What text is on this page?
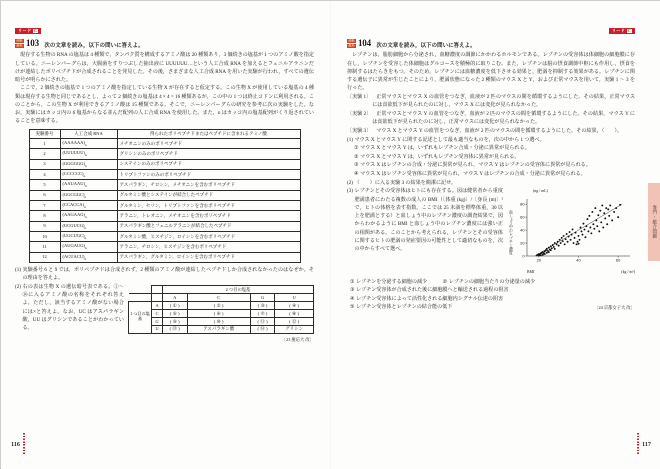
リード C
共通
思考 103	次の文章を読み，以下の問いに答えよ。

現存する生物の RNA の塩基は 4 種類で，タンパク質を構成するアミノ酸は 20 種類あり，3 個続きの塩基が 1 つのアミノ酸を指定している。ニーレンバーグらは，大腸菌をすりつぶした抽出液に UUUUUU…という人工合成 RNA を加えるとフェニルアラニンだけが連結したポリペプチドが合成されることを発見した。その後，さまざまな人工合成 RNA を用いた実験が行われ，すべての遺伝暗号が明らかにされた。

ここで，2 個続きの塩基で 1 つのアミノ酸を指定している生物 X が存在すると仮定する。この生物 X が使用している塩基の 4 種類は現存する生物と同じであるとし，よって 2 個続きの塩基は 4 × 4 = 16 種類あるが，この中の 1 つは終止コドンに利用される。このことから，この生物 X が利用できるアミノ酸は 15 種類である。そこで，ニーレンバーグらの研究を参考に次の実験をした。なお，実験にはカッコ内の 6 塩基からなる並んだ配列の人工合成 RNA を使用した。また，n はカッコ内の塩基配列がくり返されていることを意味する。

実験番号	人工合成 RNA	得られたポリペプチドまたはペプチドに含まれるアミノ酸
1	$(AAAAAA)_n$	メチオニンのみのポリペプチド
2	$(UUUUUU)_n$	グリシンのみのポリペプチド
3	$(GGGGGG)_n$	システインのみのポリペプチド
4	$(CCCCCC)_n$	トリプトファンのみのポリペプチド
5	$(AAUAAU)_n$	アスパラギン，チロシン，メチオニンを含むポリペプチド
6	$(GGCGGC)_n$	グルタミン酸とシステインが結合したペプチド
7	$(CCACCA)_n$	グルタミン，セリン，トリプトファンを含むポリペプチド
8	$(AAGAAG)_n$	アラニン，トレオニン，メチオニンを含むポリペプチド
9	$(UCGUCG)_n$	アスパラギン酸とフェニルアラニンが結合したペプチド
10	$(UGCUGC)_n$	グルタミン酸，ヒスチジン，ロイシンを含むポリペプチド
11	$(AUGAUG)_n$	アラニン，チロシン，ヒスチジンを含むポリペプチド
12	$(ACUACU)_n$	アスパラギン，グルタミン，ロイシンを含むポリペプチド
(1) 実験番号 6 と 9 では，ポリペプチドは合成されず，2 種類のアミノ酸が連結したペプチドしか合成されなかったのはなぜか。その理由を答えよ。
(2)
			2 つ目の塩基			
		A	C	G	U
1 つ目の塩基	A	( ① )	( ② )	( ③ )	( ④ )
	C	( ⑤ )	( ⑥ )	( ⑦ )	( ⑧ )
	G	( ⑨ )	( ⑩ )	( ⑪ )	( ⑫ )
	U	( ⑬ )	アスパラギン酸	( ⑭ )	グリシン
右の表は生物 X の遺伝暗号表である。①〜⑭に入るアミノ酸の名称をそれぞれ答えよ。ただし，該当するアミノ酸がない場合には×と答えよ。なお，UC はアスパラギン酸，UU はグリシンであることがわかっている。
〔23 慶応大 改〕
116
リード C
共通
思考 104	次の文章を読み，以下の問いに答えよ。

レプチンは，脂肪細胞から分泌され，血糖濃度の調節にかかわるホルモンである。レプチンの受容体は体細胞の細胞膜に存在し，レプチンを受容した体細胞はグルコースを積極的に取りこむ。また，レプチンは脳の摂食調節中枢にも作用し，摂食を抑制するはたらきをもつ。そのため，レプチンには血糖濃度を低下させる効果と，肥満を抑制する効果がある。レプチンに関する遺伝子に異常が生じたことにより，肥満状態になった 2 種類のマウス X と Y，および正常マウスを用いて，実験 1 〜 3 を行った。

〔実験 1〕 正常マウスとマウス X の血管をつなぎ，血液が 2 匹のマウスの間を循環するようにした。その結果，正常マウスには食欲低下が見られたのに対し，マウス X には変化が見られなかった。
〔実験 2〕 正常マウスとマウス Y の血管をつなぎ，血液が 2 匹のマウスの間を循環するようにした。その結果，マウス Y には食欲低下が見られたのに対し，正常マウスには変化が見られなかった。
〔実験 3〕 マウス X とマウス Y の血管をつなぎ，血液が 2 匹のマウスの間を循環するようにした。その結果，（　　）。
(1) マウス X とマウス Y に関する記述として最も適当なものを，次の中から 1 つ選べ。
① マウス X とマウス Y は，いずれもレプチン合成・分泌に異常が見られる。
② マウス X とマウス Y は，いずれもレプチン受容体に異常が見られる。
③ マウス X はレプチンの合成・分泌に異常が見られ，マウス Y はレプチンの受容体に異常が見られる。
④ マウス X はレプチン受容体に異常が見られ，マウス Y はレプチンの合成・分泌に異常が見られる。
(2) （　　）に入る実験 3 の結果を簡潔に記せ。
(3)	(ng / mL)
血しょう中のレプチン濃度
0
20
40
60
80
20	40	60
BMI	(kg / m²)
レプチンとその受容体はヒトにも存在する。図は健常者から重度肥満患者にわたる複数の成人の BMI（〔体重 (kg)〕/〔身長 (m)〕² で，ヒトの体格を表す指数。ここでは 25 未満を標準体重，30 以上を肥満とする）と血しょう中のレプチン濃度の調査結果で，図からわかるように BMI と血しょう中のレプチン濃度には強い正の相関がある。このことから考えられる，レプチンとその受容体に関するヒトの肥満の発症要因の可能性として適切なものを，次の中からすべて選べ。
① レプチンを分泌する細胞の減少	② レプチンの細胞当たりの分泌量の減少
③ レプチン受容体が合成された後に細胞膜へと輸送される過程の阻害
④ レプチン受容体によって活性化される細胞内シグナル伝達の阻害
⑤ レプチン受容体とレプチンの結合能の低下	〔24 京都女子大 改〕
専門・総合問題
117
